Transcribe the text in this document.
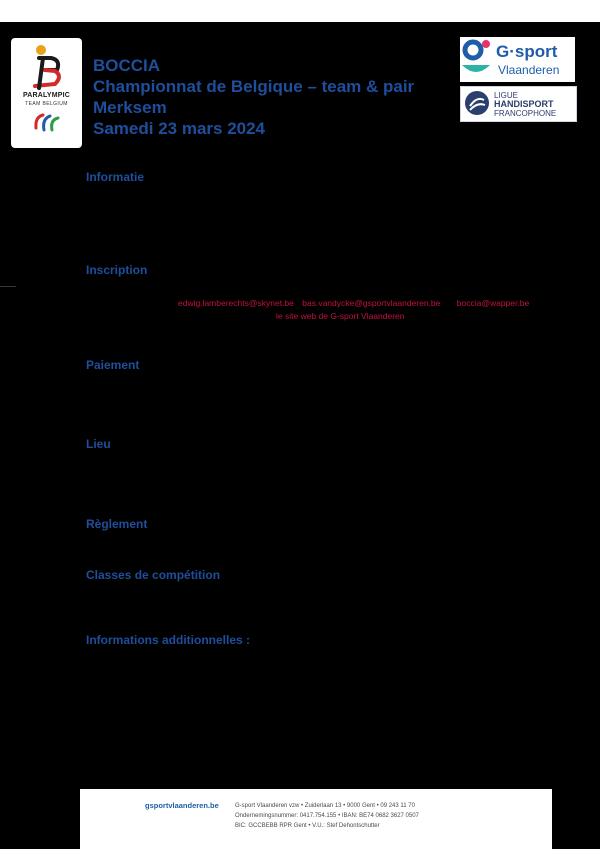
PARALYMPIC
TEAM BELGIUM

BOCCIA

Championnat de Belgique – team & pair

Merksem

Samedi 23 mars 2024

G·sport
Vlaanderen
LIGUE
HANDISPORT
FRANCOPHONE
Informatie
Inscription
edwig.lamberechts@skynet.be bas.vandycke@gsportvlaanderen.be boccia@wapper.be
le site web de G-sport Vlaanderen
Paiement
Lieu
Règlement
Classes de compétition
Informations additionnelles :
gsportvlaanderen.be	G-sport Vlaanderen vzw • Zuiderlaan 13 • 9000 Gent • 09 243 11 70
Ondernemingsnummer: 0417.754.155 • IBAN: BE74 0682 3627 0507
BIC: GCCBEBB RPR Gent • V.U.: Stef Dehontschutter
